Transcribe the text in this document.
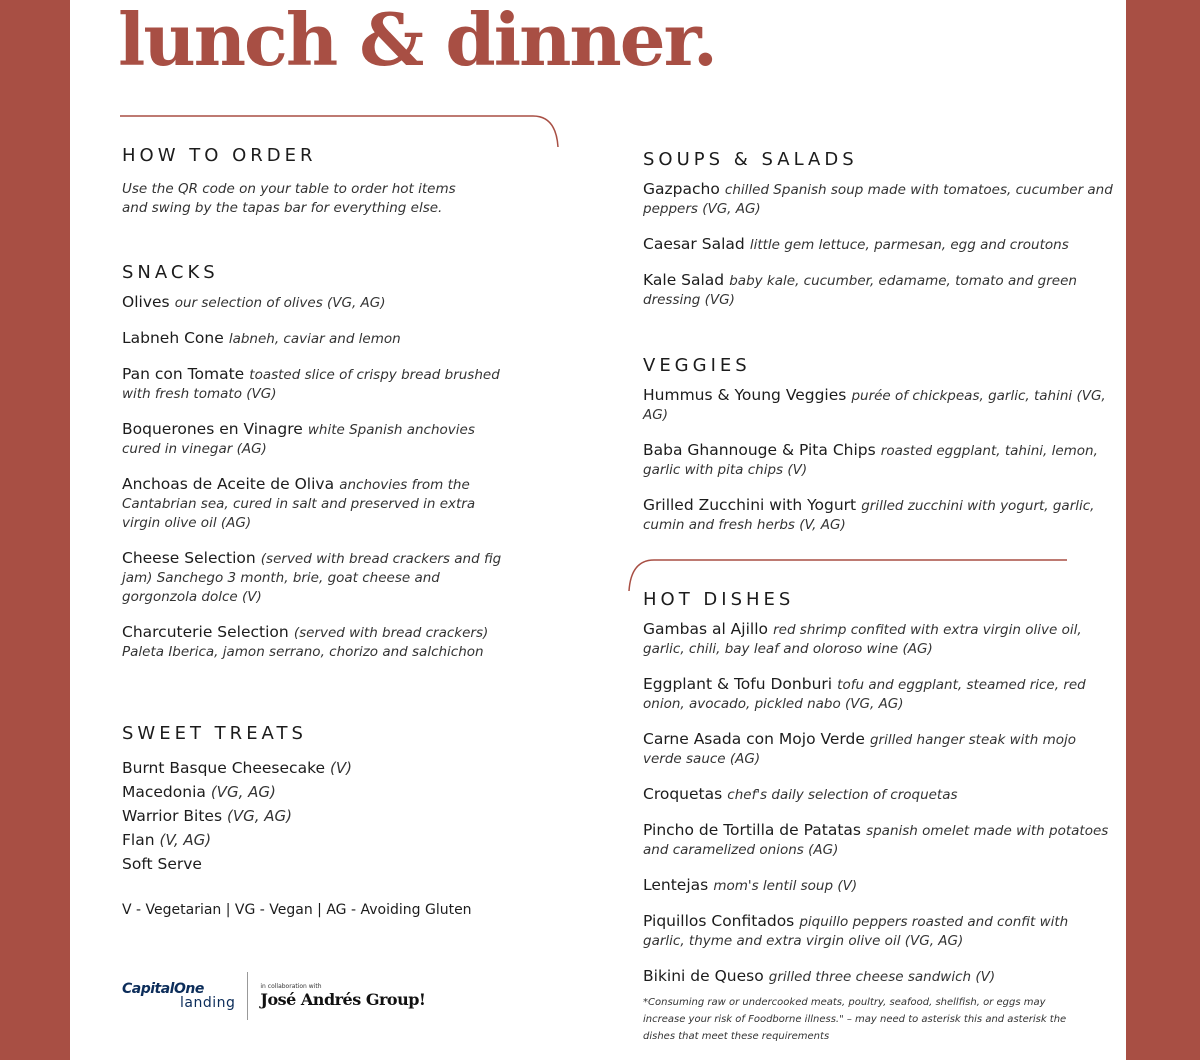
lunch & dinner.
HOW TO ORDER
Use the QR code on your table to order hot items
and swing by the tapas bar for everything else.
SNACKS
Olives our selection of olives (VG, AG)
Labneh Cone labneh, caviar and lemon
Pan con Tomate toasted slice of crispy bread brushed with fresh tomato (VG)
Boquerones en Vinagre white Spanish anchovies cured in vinegar (AG)
Anchoas de Aceite de Oliva anchovies from the Cantabrian sea, cured in salt and preserved in extra virgin olive oil (AG)
Cheese Selection (served with bread crackers and fig jam) Sanchego 3 month, brie, goat cheese and gorgonzola dolce (V)
Charcuterie Selection (served with bread crackers) Paleta Iberica, jamon serrano, chorizo and salchichon
SWEET TREATS
Burnt Basque Cheesecake (V)
Macedonia (VG, AG)
Warrior Bites (VG, AG)
Flan (V, AG)
Soft Serve
V - Vegetarian | VG - Vegan | AG - Avoiding Gluten
CapitalOne
landing
in collaboration with
José Andrés Group!
SOUPS & SALADS
Gazpacho chilled Spanish soup made with tomatoes, cucumber and peppers (VG, AG)
Caesar Salad little gem lettuce, parmesan, egg and croutons
Kale Salad baby kale, cucumber, edamame, tomato and green dressing (VG)
VEGGIES
Hummus & Young Veggies purée of chickpeas, garlic, tahini (VG, AG)
Baba Ghannouge & Pita Chips roasted eggplant, tahini, lemon, garlic with pita chips (V)
Grilled Zucchini with Yogurt grilled zucchini with yogurt, garlic, cumin and fresh herbs (V, AG)
HOT DISHES
Gambas al Ajillo red shrimp confited with extra virgin olive oil, garlic, chili, bay leaf and oloroso wine (AG)
Eggplant & Tofu Donburi tofu and eggplant, steamed rice, red onion, avocado, pickled nabo (VG, AG)
Carne Asada con Mojo Verde grilled hanger steak with mojo verde sauce (AG)
Croquetas chef's daily selection of croquetas
Pincho de Tortilla de Patatas spanish omelet made with potatoes and caramelized onions (AG)
Lentejas mom's lentil soup (V)
Piquillos Confitados piquillo peppers roasted and confit with garlic, thyme and extra virgin olive oil (VG, AG)
Bikini de Queso grilled three cheese sandwich (V)
*Consuming raw or undercooked meats, poultry, seafood, shellfish, or eggs may increase your risk of Foodborne illness." – may need to asterisk this and asterisk the dishes that meet these requirements
